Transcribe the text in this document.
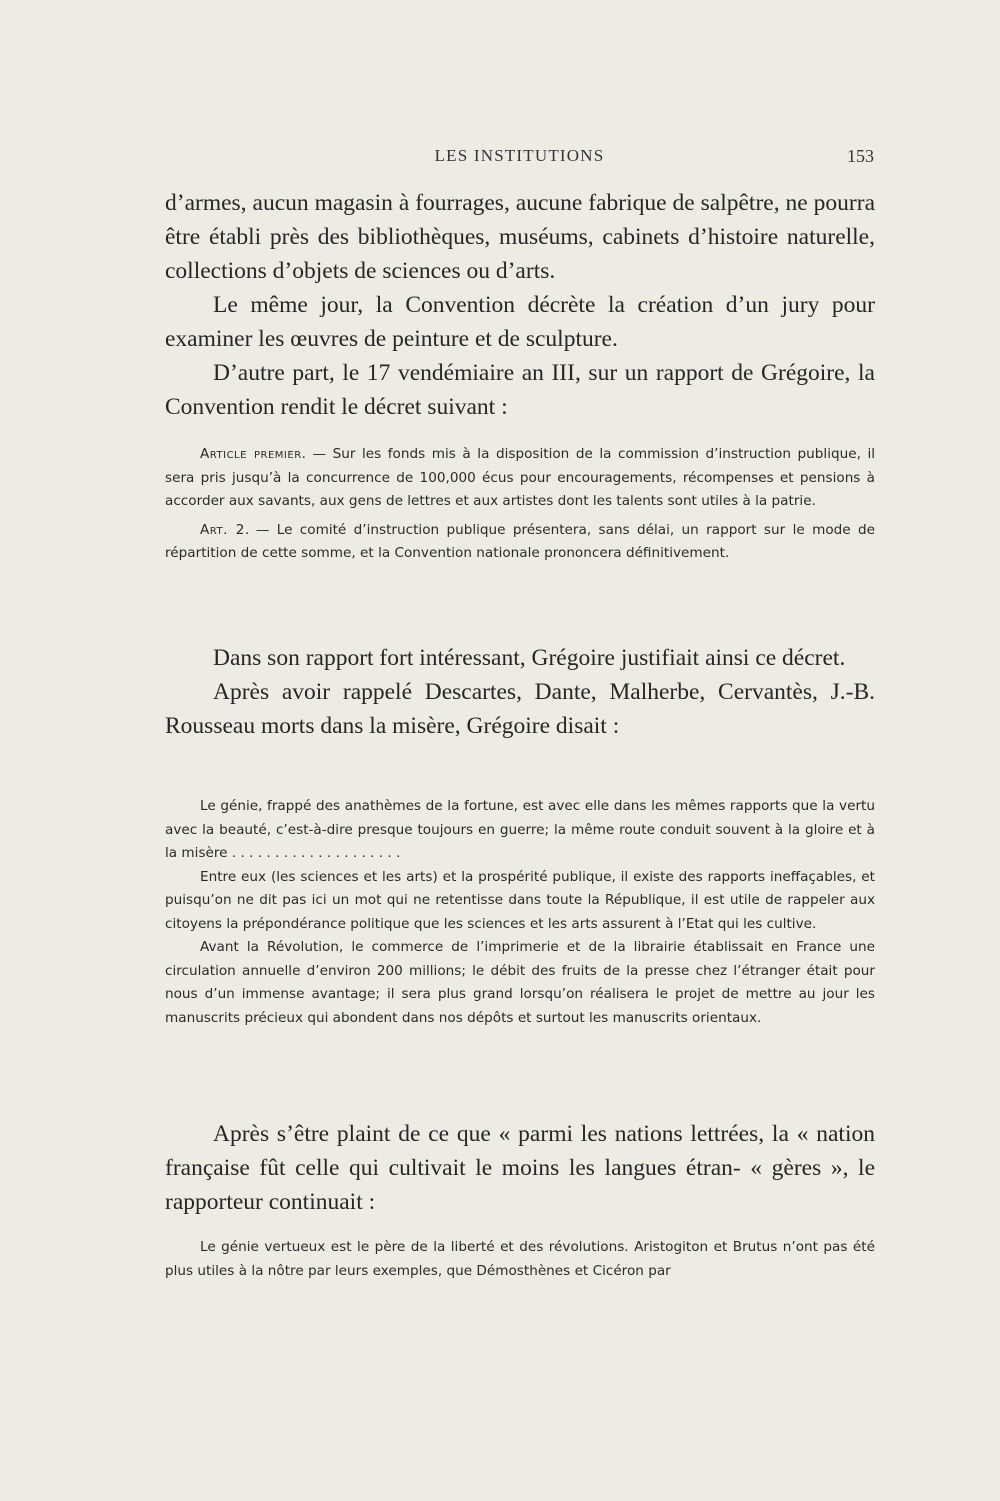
LES INSTITUTIONS	153

d’armes, aucun magasin à fourrages, aucune fabrique de salpêtre, ne pourra être établi près des bibliothèques, muséums, cabinets d’histoire naturelle, collections d’objets de sciences ou d’arts.

Le même jour, la Convention décrète la création d’un jury pour examiner les œuvres de peinture et de sculpture.

D’autre part, le 17 vendémiaire an III, sur un rapport de Grégoire, la Convention rendit le décret suivant :

Article premier. — Sur les fonds mis à la disposition de la commission d’instruction publique, il sera pris jusqu’à la concurrence de 100,000 écus pour encouragements, récompenses et pensions à accorder aux savants, aux gens de lettres et aux artistes dont les talents sont utiles à la patrie.

Art. 2. — Le comité d’instruction publique présentera, sans délai, un rapport sur le mode de répartition de cette somme, et la Convention nationale prononcera définitivement.

Dans son rapport fort intéressant, Grégoire justifiait ainsi ce décret.

Après avoir rappelé Descartes, Dante, Malherbe, Cervantès, J.-B. Rousseau morts dans la misère, Grégoire disait :

Le génie, frappé des anathèmes de la fortune, est avec elle dans les mêmes rapports que la vertu avec la beauté, c’est-à-dire presque toujours en guerre; la même route conduit souvent à la gloire et à la misère . . . . . . . . . . . . . . . . . . . .

Entre eux (les sciences et les arts) et la prospérité publique, il existe des rapports ineffaçables, et puisqu’on ne dit pas ici un mot qui ne retentisse dans toute la République, il est utile de rappeler aux citoyens la prépondérance politique que les sciences et les arts assurent à l’Etat qui les cultive.

Avant la Révolution, le commerce de l’imprimerie et de la librairie établissait en France une circulation annuelle d’environ 200 millions; le débit des fruits de la presse chez l’étranger était pour nous d’un immense avantage; il sera plus grand lorsqu’on réalisera le projet de mettre au jour les manuscrits précieux qui abondent dans nos dépôts et surtout les manuscrits orientaux.

Après s’être plaint de ce que « parmi les nations lettrées, la « nation française fût celle qui cultivait le moins les langues étran- « gères », le rapporteur continuait :

Le génie vertueux est le père de la liberté et des révolutions. Aristogiton et Brutus n’ont pas été plus utiles à la nôtre par leurs exemples, que Démosthènes et Cicéron par
